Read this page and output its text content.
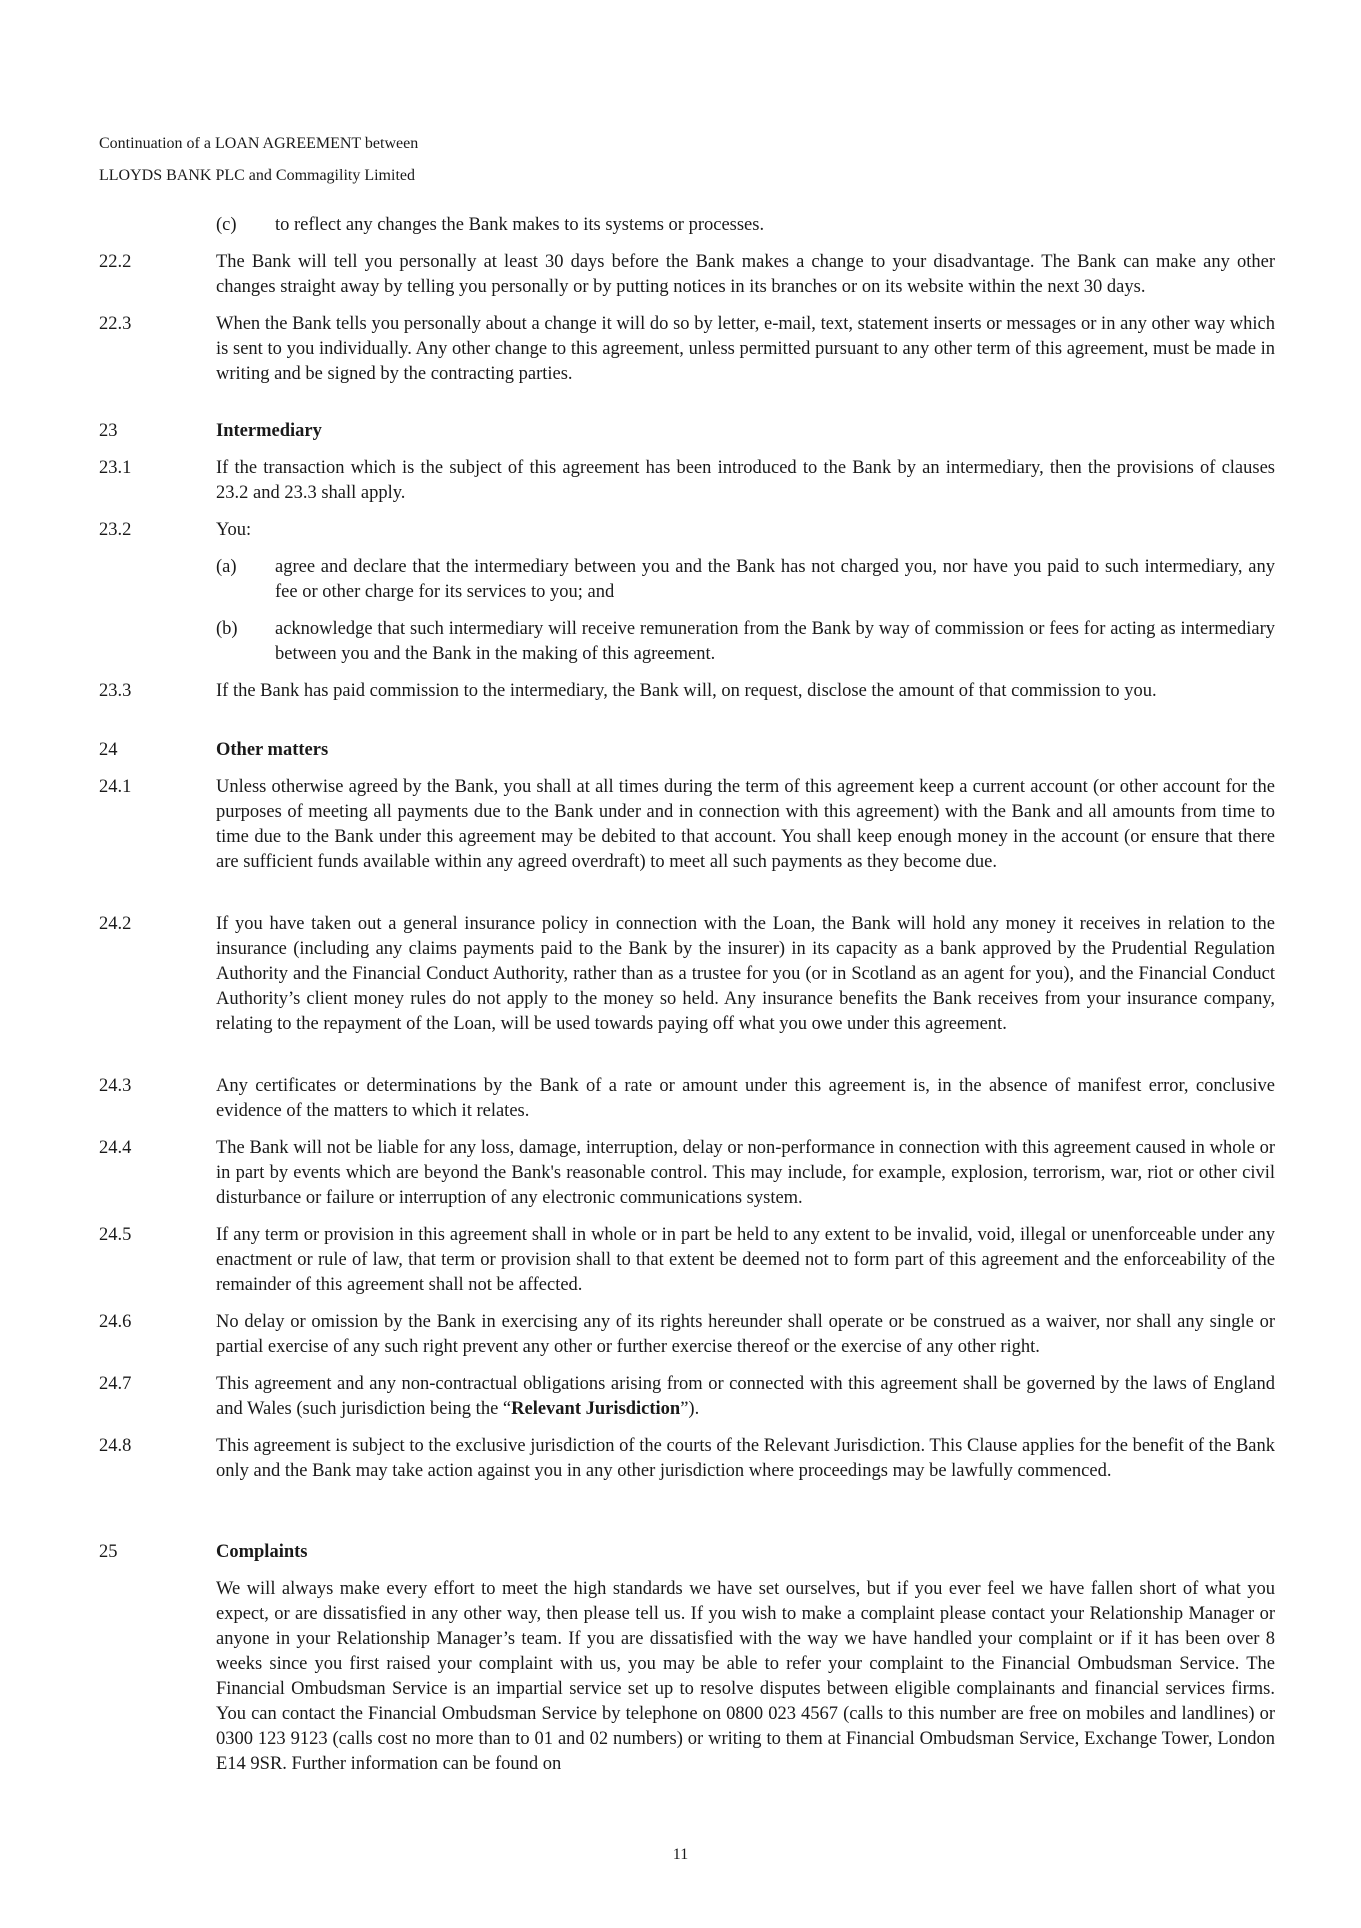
Continuation of a LOAN AGREEMENT between
LLOYDS BANK PLC and Commagility Limited
(c) to reflect any changes the Bank makes to its systems or processes.
22.2	The Bank will tell you personally at least 30 days before the Bank makes a change to your disadvantage. The Bank can make any other changes straight away by telling you personally or by putting notices in its branches or on its website within the next 30 days.
22.3	When the Bank tells you personally about a change it will do so by letter, e-mail, text, statement inserts or messages or in any other way which is sent to you individually. Any other change to this agreement, unless permitted pursuant to any other term of this agreement, must be made in writing and be signed by the contracting parties.
23	Intermediary
23.1	If the transaction which is the subject of this agreement has been introduced to the Bank by an intermediary, then the provisions of clauses 23.2 and 23.3 shall apply.
23.2	You:
(a) agree and declare that the intermediary between you and the Bank has not charged you, nor have you paid to such intermediary, any fee or other charge for its services to you; and
(b) acknowledge that such intermediary will receive remuneration from the Bank by way of commission or fees for acting as intermediary between you and the Bank in the making of this agreement.
23.3	If the Bank has paid commission to the intermediary, the Bank will, on request, disclose the amount of that commission to you.
24	Other matters
24.1	Unless otherwise agreed by the Bank, you shall at all times during the term of this agreement keep a current account (or other account for the purposes of meeting all payments due to the Bank under and in connection with this agreement) with the Bank and all amounts from time to time due to the Bank under this agreement may be debited to that account. You shall keep enough money in the account (or ensure that there are sufficient funds available within any agreed overdraft) to meet all such payments as they become due.
24.2	If you have taken out a general insurance policy in connection with the Loan, the Bank will hold any money it receives in relation to the insurance (including any claims payments paid to the Bank by the insurer) in its capacity as a bank approved by the Prudential Regulation Authority and the Financial Conduct Authority, rather than as a trustee for you (or in Scotland as an agent for you), and the Financial Conduct Authority’s client money rules do not apply to the money so held. Any insurance benefits the Bank receives from your insurance company, relating to the repayment of the Loan, will be used towards paying off what you owe under this agreement.
24.3	Any certificates or determinations by the Bank of a rate or amount under this agreement is, in the absence of manifest error, conclusive evidence of the matters to which it relates.
24.4	The Bank will not be liable for any loss, damage, interruption, delay or non-performance in connection with this agreement caused in whole or in part by events which are beyond the Bank's reasonable control. This may include, for example, explosion, terrorism, war, riot or other civil disturbance or failure or interruption of any electronic communications system.
24.5	If any term or provision in this agreement shall in whole or in part be held to any extent to be invalid, void, illegal or unenforceable under any enactment or rule of law, that term or provision shall to that extent be deemed not to form part of this agreement and the enforceability of the remainder of this agreement shall not be affected.
24.6	No delay or omission by the Bank in exercising any of its rights hereunder shall operate or be construed as a waiver, nor shall any single or partial exercise of any such right prevent any other or further exercise thereof or the exercise of any other right.
24.7	This agreement and any non-contractual obligations arising from or connected with this agreement shall be governed by the laws of England and Wales (such jurisdiction being the “Relevant Jurisdiction”).
24.8	This agreement is subject to the exclusive jurisdiction of the courts of the Relevant Jurisdiction. This Clause applies for the benefit of the Bank only and the Bank may take action against you in any other jurisdiction where proceedings may be lawfully commenced.
25	Complaints
We will always make every effort to meet the high standards we have set ourselves, but if you ever feel we have fallen short of what you expect, or are dissatisfied in any other way, then please tell us. If you wish to make a complaint please contact your Relationship Manager or anyone in your Relationship Manager’s team. If you are dissatisfied with the way we have handled your complaint or if it has been over 8 weeks since you first raised your complaint with us, you may be able to refer your complaint to the Financial Ombudsman Service. The Financial Ombudsman Service is an impartial service set up to resolve disputes between eligible complainants and financial services firms. You can contact the Financial Ombudsman Service by telephone on 0800 023 4567 (calls to this number are free on mobiles and landlines) or 0300 123 9123 (calls cost no more than to 01 and 02 numbers) or writing to them at Financial Ombudsman Service, Exchange Tower, London E14 9SR. Further information can be found on
11
